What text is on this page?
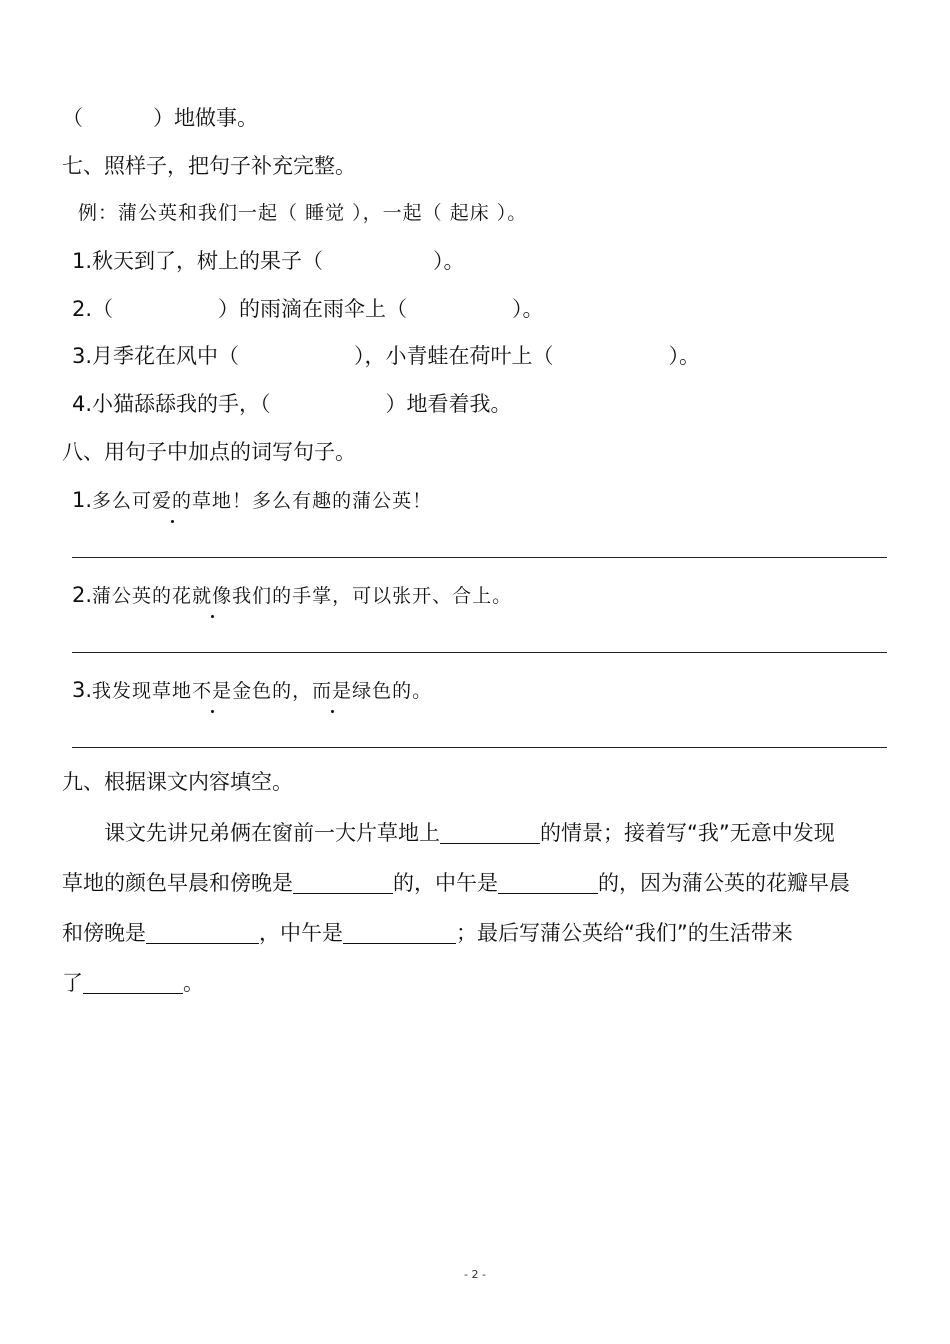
（	）地做事。
七、照样子，把句子补充完整。
例：蒲公英和我们一起（ 睡觉 ），一起（ 起床 ）。
1.秋天到了，树上的果子（	）。
2.（	）的雨滴在雨伞上（	）。
3.月季花在风中（	），小青蛙在荷叶上（	）。
4.小猫舔舔我的手，（	）地看着我。
八、用句子中加点的词写句子。
1.多么可爱的草地！多么有趣的蒲公英！
2.蒲公英的花就像我们的手掌，可以张开、合上。
3.我发现草地不是金色的，而是绿色的。
九、根据课文内容填空。
课文先讲兄弟俩在窗前一大片草地上	的情景；接着写“我”无意中发现
草地的颜色早晨和傍晚是	的，中午是	的，因为蒲公英的花瓣早晨
和傍晚是	，中午是	；最后写蒲公英给“我们”的生活带来
了	。
- 2 -
